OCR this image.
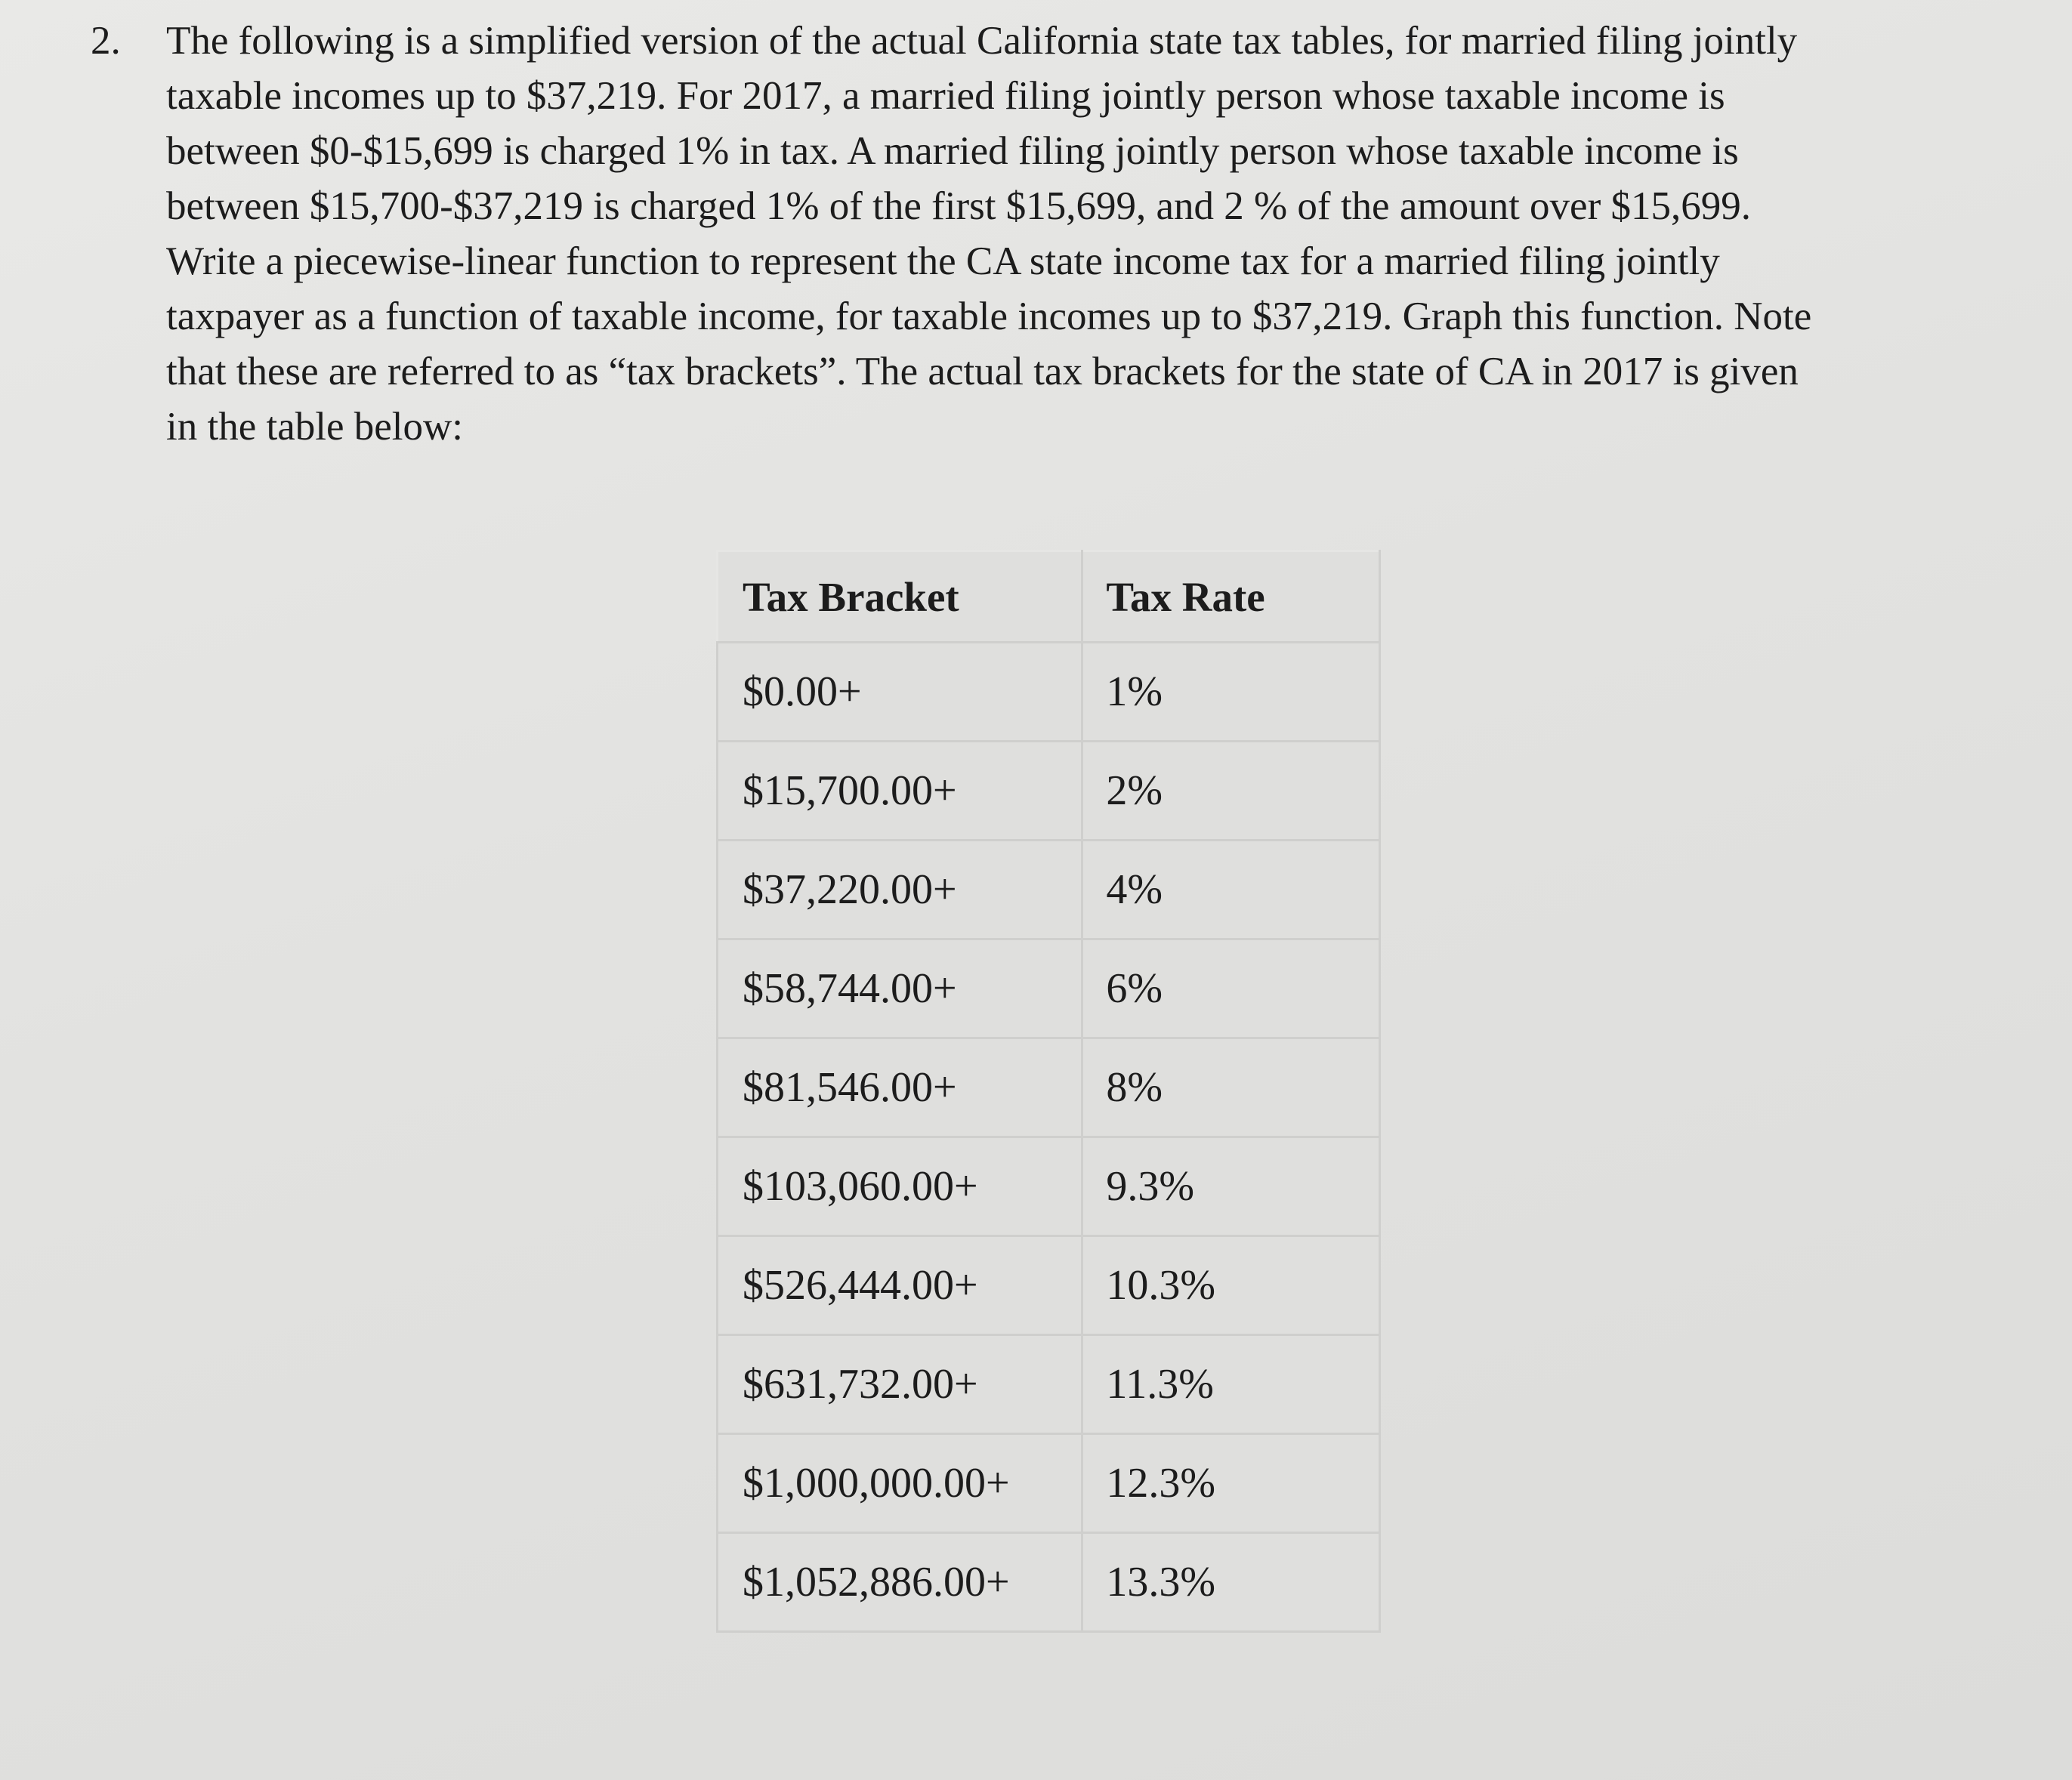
2. The following is a simplified version of the actual California state tax tables, for married filing jointly
taxable incomes up to $37,219. For 2017, a married filing jointly person whose taxable income is
between $0-$15,699 is charged 1% in tax. A married filing jointly person whose taxable income is
between $15,700-$37,219 is charged 1% of the first $15,699, and 2 % of the amount over $15,699.
Write a piecewise-linear function to represent the CA state income tax for a married filing jointly
taxpayer as a function of taxable income, for taxable incomes up to $37,219. Graph this function. Note
that these are referred to as “tax brackets”. The actual tax brackets for the state of CA in 2017 is given
in the table below:
Tax Bracket	Tax Rate
$0.00+	1%
$15,700.00+	2%
$37,220.00+	4%
$58,744.00+	6%
$81,546.00+	8%
$103,060.00+	9.3%
$526,444.00+	10.3%
$631,732.00+	11.3%
$1,000,000.00+	12.3%
$1,052,886.00+	13.3%
